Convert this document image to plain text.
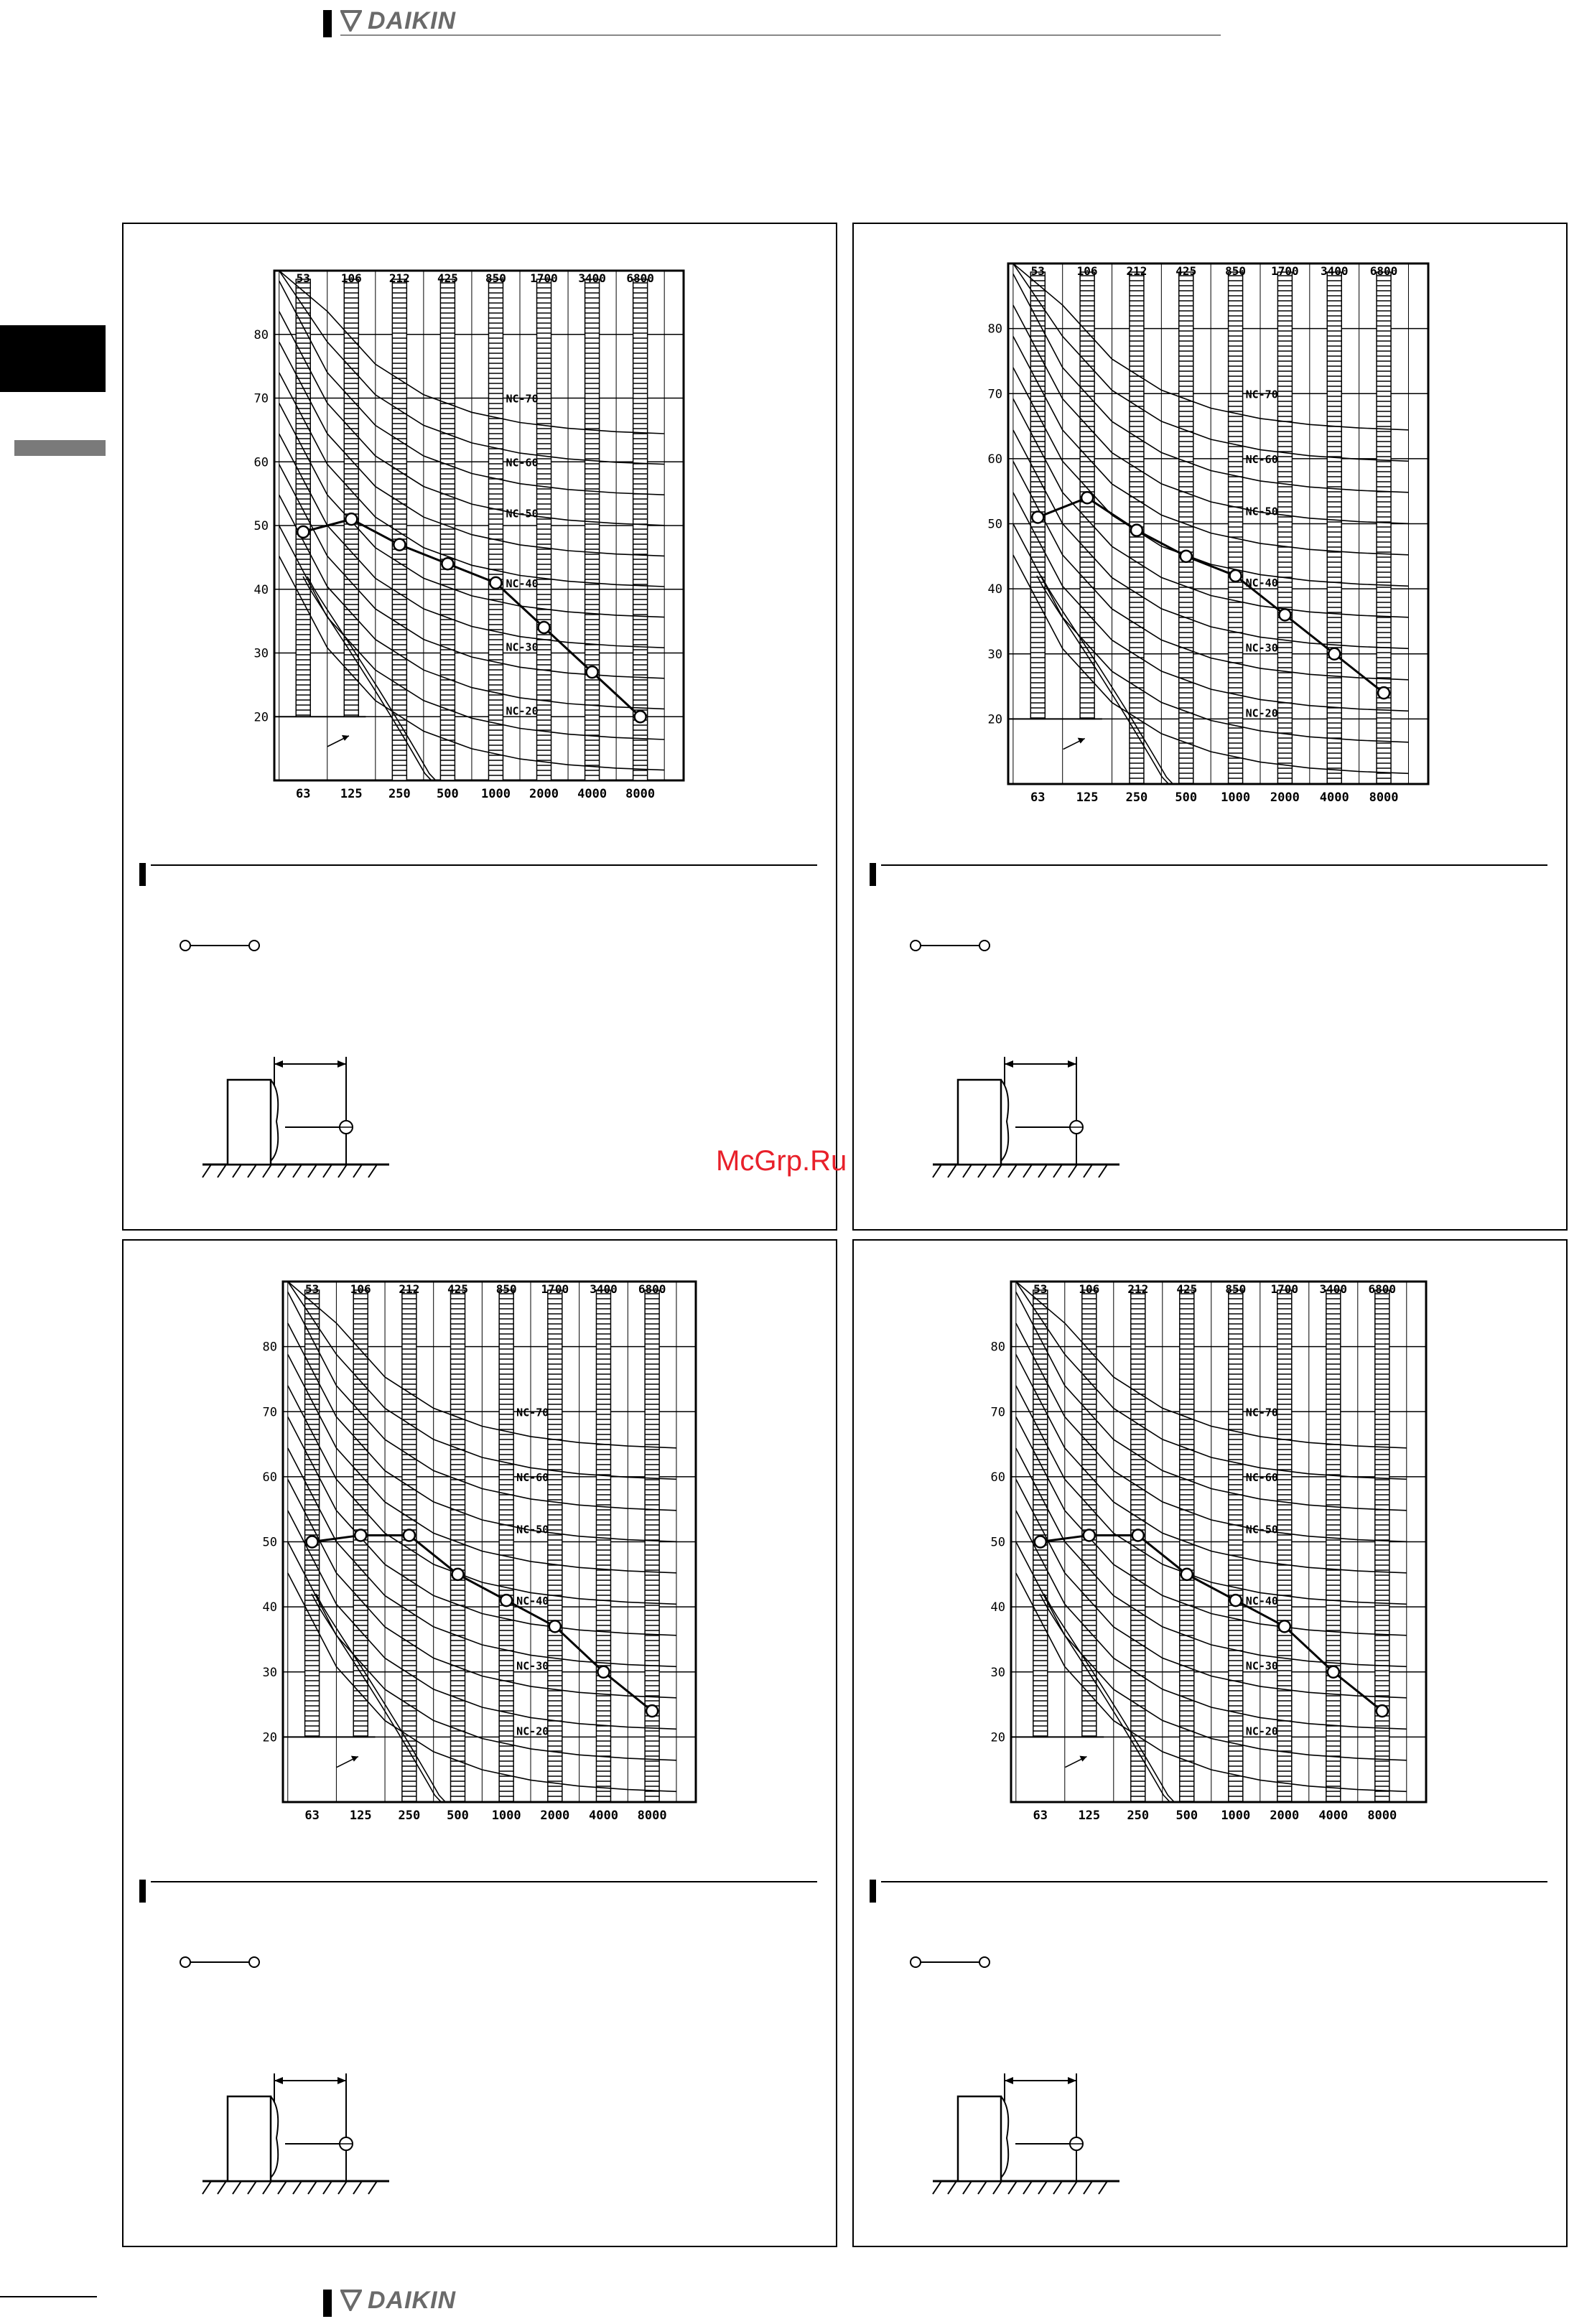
DAIKIN
NC-70
NC-60
NC-50
NC-40
NC-30
NC-20
20
30
40
50
60
70
80
53	106 212 425 850 1700 3400 6800
63 125 250 500 1000 2000 4000 8000
NC-70
NC-60
NC-50
NC-40
NC-30
NC-20
20
30
40
50
60
70
80
53	106 212 425 850 1700 3400 6800
63	125 250 500 1000 2000 4000 8000
NC-70
NC-60
NC-50
NC-40
NC-30
NC-20
20
30
40
50
60
70
80
53	106 212 425 850 1700 3400 6800
63 125 250 500 1000 2000 4000 8000
NC-70
NC-60
NC-50
NC-40
NC-30
NC-20
20
30
40
50
60
70
80
53	106 212 425 850 1700 3400 6800
63 125 250 500 1000 2000 4000 8000
McGrp.Ru
DAIKIN
